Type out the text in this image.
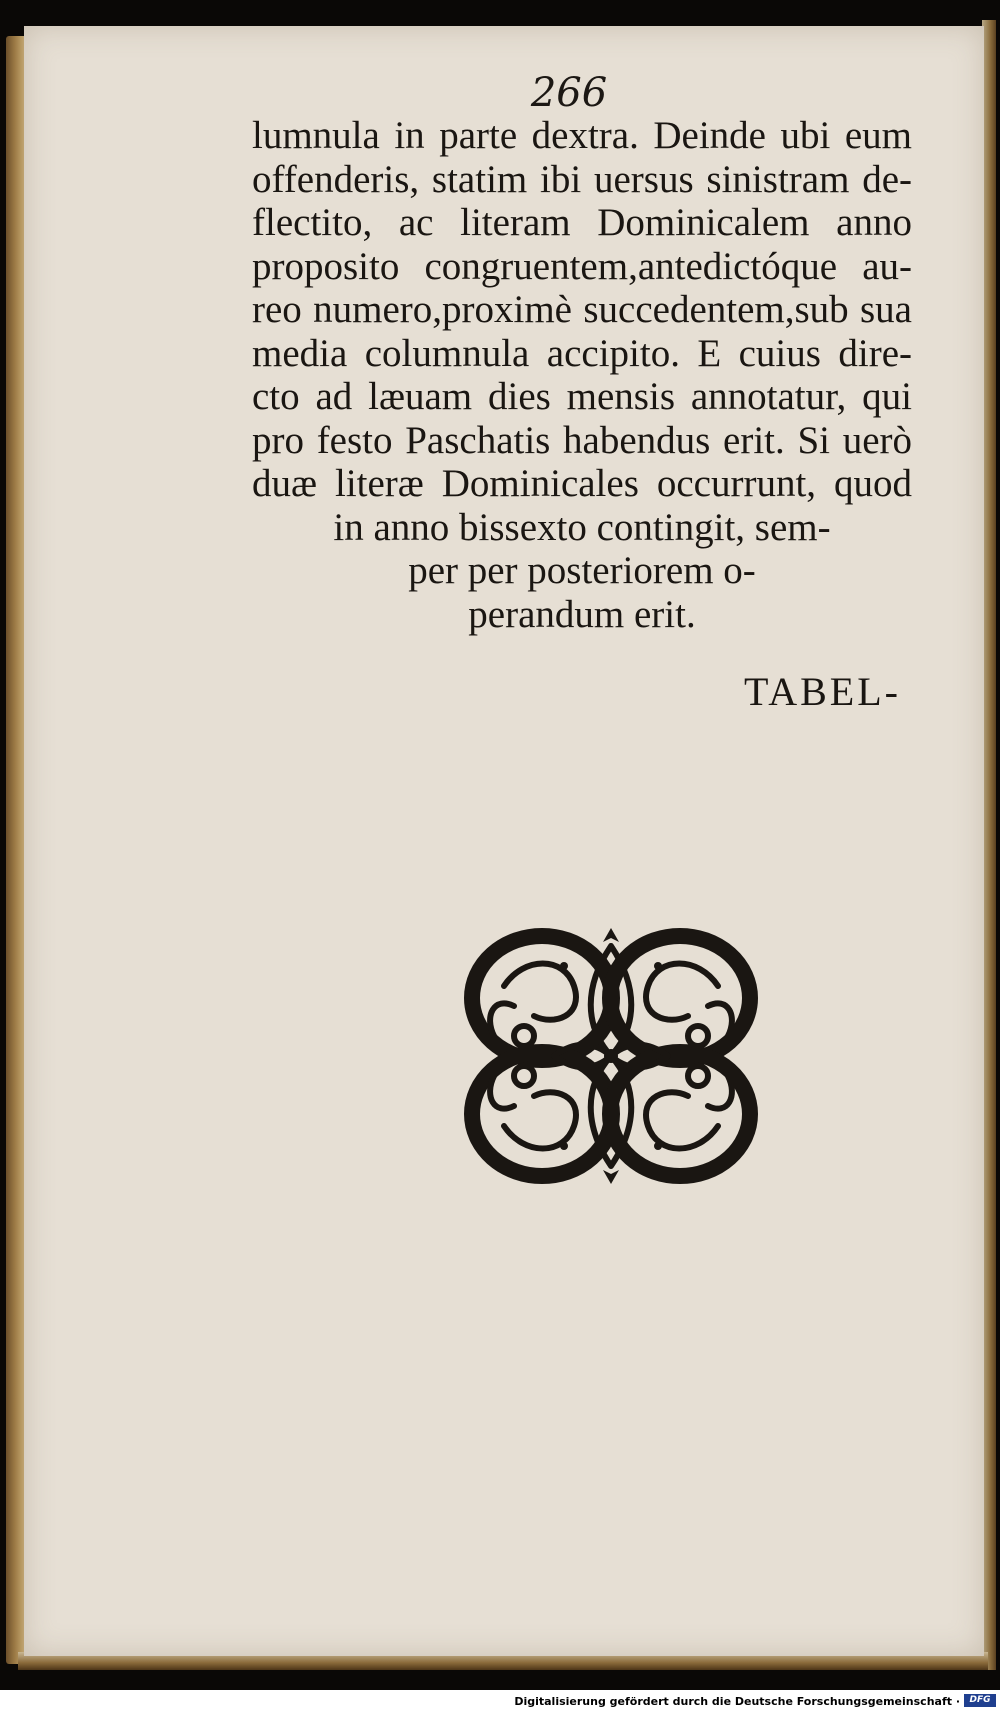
266
lumnula in parte dextra. Deinde ubi eum
offenderis, statim ibi uersus sinistram de-
flectito, ac literam Dominicalem anno
proposito congruentem,antedictóque au-
reo numero,proximè succedentem,sub sua
media columnula accipito. E cuius dire-
cto ad læuam dies mensis annotatur, qui
pro festo Paschatis habendus erit. Si uerò
duæ literæ Dominicales occurrunt, quod
in anno bissexto contingit, sem-
per per posteriorem o-
perandum erit.
TABEL-
Digitalisierung gefördert durch die Deutsche Forschungsgemeinschaft ·	DFG
